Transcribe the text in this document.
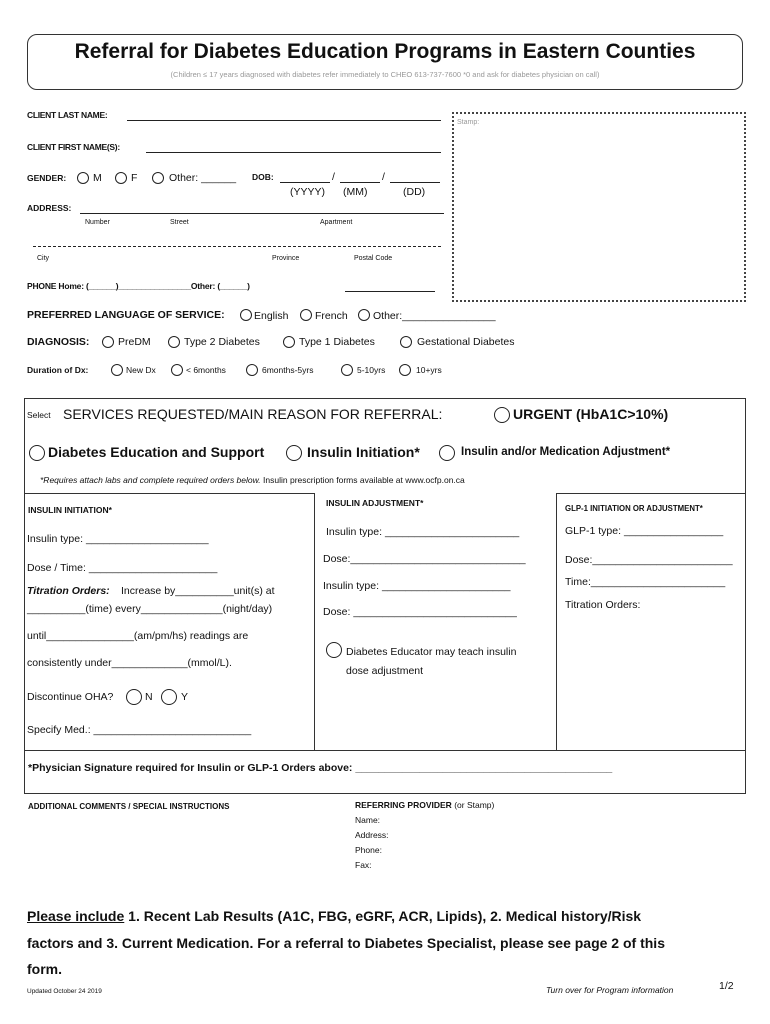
Referral for Diabetes Education Programs in Eastern Counties
(Children ≤ 17 years diagnosed with diabetes refer immediately to CHEO 613-737-7600 *0 and ask for diabetes physician on call)
Stamp:
CLIENT LAST NAME:
CLIENT FIRST NAME(S):
GENDER:	M	F	Other: ______ DOB:	/	/
(YYYY) (MM)	(DD)
ADDRESS:
Number	Street	Apartment
City	Province	Postal Code
PHONE Home: (______)________________Other: (______)
PREFERRED LANGUAGE OF SERVICE:	English	French Other:________________
DIAGNOSIS:	PreDM	Type 2 Diabetes	Type 1 Diabetes	Gestational Diabetes
Duration of Dx:	New Dx	< 6months	6months-5yrs	5-10yrs	10+yrs
Select SERVICES REQUESTED/MAIN REASON FOR REFERRAL:	URGENT (HbA1C>10%)
Diabetes Education and Support	Insulin Initiation*	Insulin and/or Medication Adjustment*
*Requires attach labs and complete required orders below. Insulin prescription forms available at www.ocfp.on.ca
INSULIN INITIATION*
Insulin type: _____________________
Dose / Time: ______________________
Titration Orders: Increase by__________unit(s) at
__________(time) every______________(night/day)
until_______________(am/pm/hs) readings are
consistently under_____________(mmol/L).
Discontinue OHA?	N	Y
Specify Med.: ___________________________
INSULIN ADJUSTMENT*
Insulin type: _______________________
Dose:______________________________
Insulin type: ______________________
Dose: ____________________________
Diabetes Educator may teach insulin
dose adjustment
GLP-1 INITIATION OR ADJUSTMENT*
GLP-1 type: _________________
Dose:________________________
Time:_______________________
Titration Orders:
*Physician Signature required for Insulin or GLP-1 Orders above: ____________________________________________
ADDITIONAL COMMENTS / SPECIAL INSTRUCTIONS	REFERRING PROVIDER (or Stamp)
Name:
Address:
Phone:
Fax:
Please include 1. Recent Lab Results (A1C, FBG, eGRF, ACR, Lipids), 2. Medical history/Risk
factors and 3. Current Medication. For a referral to Diabetes Specialist, please see page 2 of this
form.
Updated October 24 2019	Turn over for Program information	1/2
